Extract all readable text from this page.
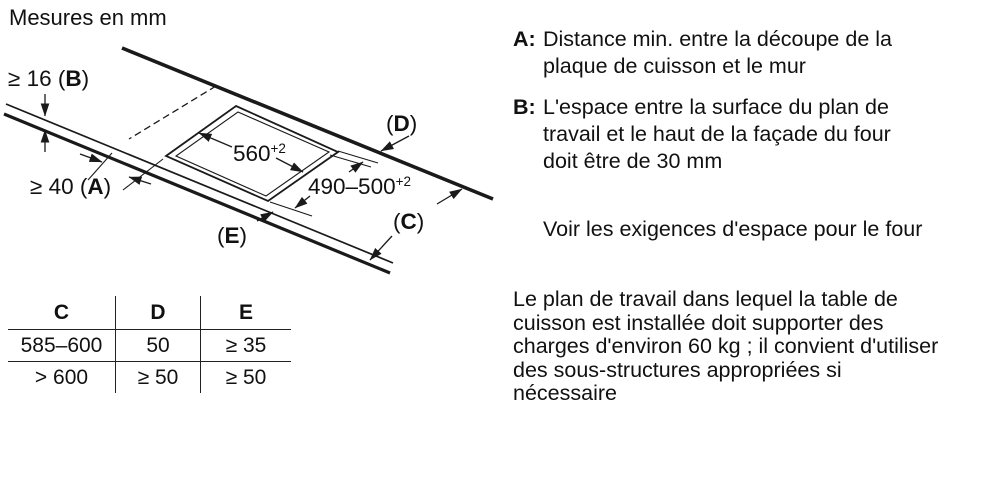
Mesures en mm
≥ 16 (B)
≥ 40 (A)
$560^{+2}$
$490-500^{+2}$
(D)
(C)
(E)
C	D	E
585–600	50	≥ 35
> 600	≥ 50	≥ 50
A: Distance min. entre la découpe de la
plaque de cuisson et le mur
B: L'espace entre la surface du plan de
travail et le haut de la façade du four
doit être de 30 mm
Voir les exigences d'espace pour le four
Le plan de travail dans lequel la table de
cuisson est installée doit supporter des
charges d'environ 60 kg ; il convient d'utiliser
des sous-structures appropriées si
nécessaire
